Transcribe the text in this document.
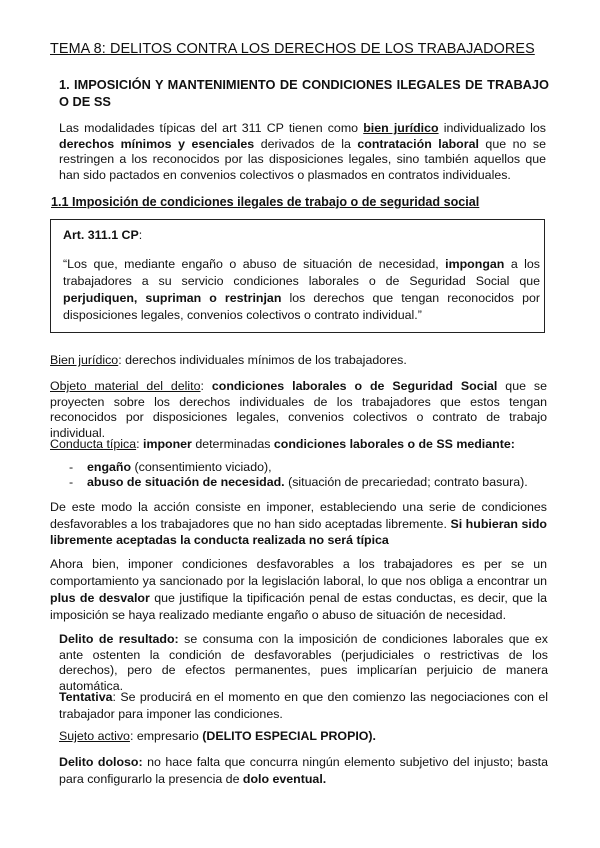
TEMA 8: DELITOS CONTRA LOS DERECHOS DE LOS TRABAJADORES
1. IMPOSICIÓN Y MANTENIMIENTO DE CONDICIONES ILEGALES DE TRABAJO O DE SS
Las modalidades típicas del art 311 CP tienen como bien jurídico individualizado los derechos mínimos y esenciales derivados de la contratación laboral que no se restringen a los reconocidos por las disposiciones legales, sino también aquellos que han sido pactados en convenios colectivos o plasmados en contratos individuales.
1.1 Imposición de condiciones ilegales de trabajo o de seguridad social
Art. 311.1 CP:
“Los que, mediante engaño o abuso de situación de necesidad, impongan a los trabajadores a su servicio condiciones laborales o de Seguridad Social que perjudiquen, supriman o restrinjan los derechos que tengan reconocidos por disposiciones legales, convenios colectivos o contrato individual.”
Bien jurídico: derechos individuales mínimos de los trabajadores.
Objeto material del delito: condiciones laborales o de Seguridad Social que se proyecten sobre los derechos individuales de los trabajadores que estos tengan reconocidos por disposiciones legales, convenios colectivos o contrato de trabajo individual.
Conducta típica: imponer determinadas condiciones laborales o de SS mediante:
- engaño (consentimiento viciado),
- abuso de situación de necesidad. (situación de precariedad; contrato basura).
De este modo la acción consiste en imponer, estableciendo una serie de condiciones desfavorables a los trabajadores que no han sido aceptadas libremente. Si hubieran sido libremente aceptadas la conducta realizada no será típica
Ahora bien, imponer condiciones desfavorables a los trabajadores es per se un comportamiento ya sancionado por la legislación laboral, lo que nos obliga a encontrar un plus de desvalor que justifique la tipificación penal de estas conductas, es decir, que la imposición se haya realizado mediante engaño o abuso de situación de necesidad.
Delito de resultado: se consuma con la imposición de condiciones laborales que ex ante ostenten la condición de desfavorables (perjudiciales o restrictivas de los derechos), pero de efectos permanentes, pues implicarían perjuicio de manera automática.
Tentativa: Se producirá en el momento en que den comienzo las negociaciones con el trabajador para imponer las condiciones.
Sujeto activo: empresario (DELITO ESPECIAL PROPIO).
Delito doloso: no hace falta que concurra ningún elemento subjetivo del injusto; basta para configurarlo la presencia de dolo eventual.
